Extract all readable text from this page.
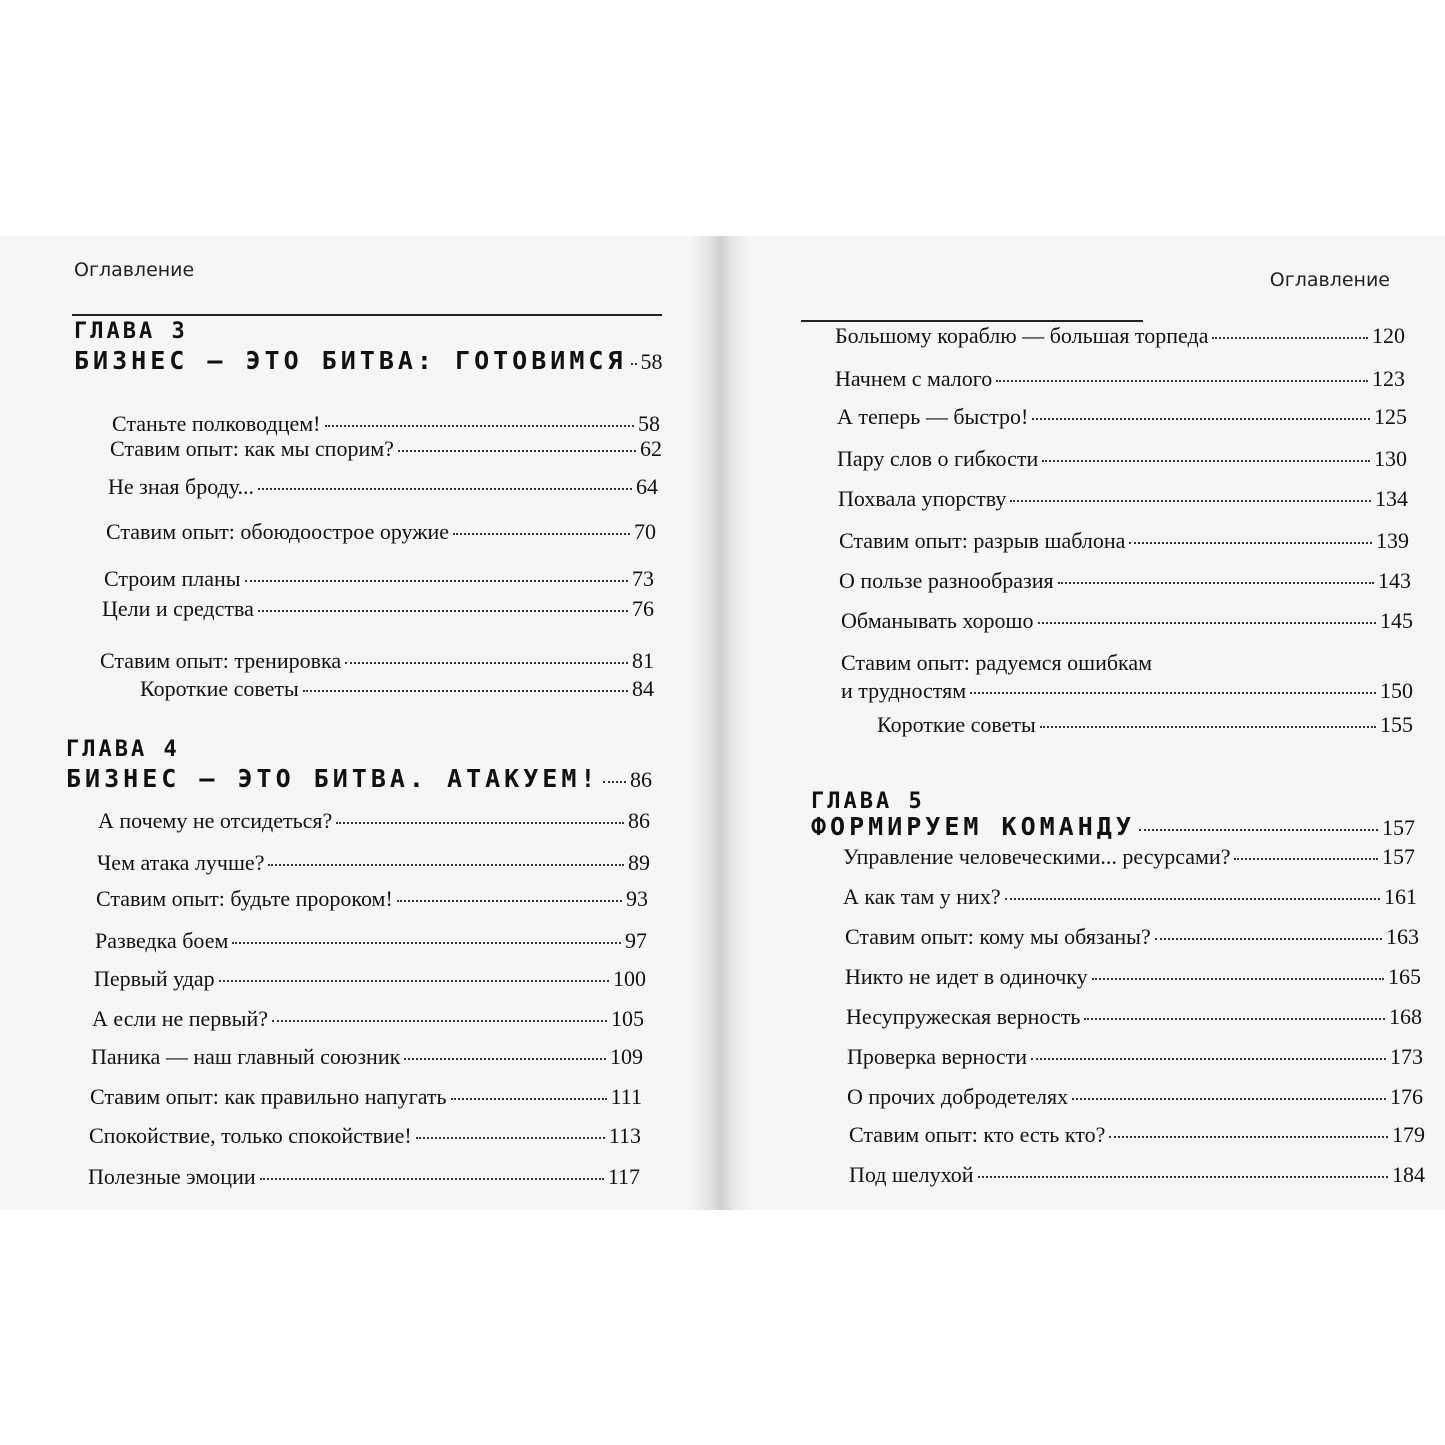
Оглавление
ГЛАВА 3
БИЗНЕС — ЭТО БИТВА: ГОТОВИМСЯ 58
Станьте полководцем!	58
Ставим опыт: как мы спорим?	62
Не зная броду...	64
Ставим опыт: обоюдоострое оружие	70
Строим планы	73
Цели и средства	76
Ставим опыт: тренировка	81
Короткие советы	84
ГЛАВА 4
БИЗНЕС — ЭТО БИТВА. АТАКУЕМ! 86
А почему не отсидеться?	86
Чем атака лучше?	89
Ставим опыт: будьте пророком!	93
Разведка боем	97
Первый удар	100
А если не первый?	105
Паника — наш главный союзник	109
Ставим опыт: как правильно напугать	111
Спокойствие, только спокойствие!	113
Полезные эмоции	117
Оглавление
Большому кораблю — большая торпеда	120
Начнем с малого	123
А теперь — быстро!	125
Пару слов о гибкости	130
Похвала упорству	134
Ставим опыт: разрыв шаблона	139
О пользе разнообразия	143
Обманывать хорошо	145
Ставим опыт: радуемся ошибкам
и трудностям	150
Короткие советы	155
ГЛАВА 5
ФОРМИРУЕМ КОМАНДУ	157
Управление человеческими... ресурсами?	157
А как там у них?	161
Ставим опыт: кому мы обязаны?	163
Никто не идет в одиночку	165
Несупружеская верность	168
Проверка верности	173
О прочих добродетелях	176
Ставим опыт: кто есть кто?	179
Под шелухой	184
